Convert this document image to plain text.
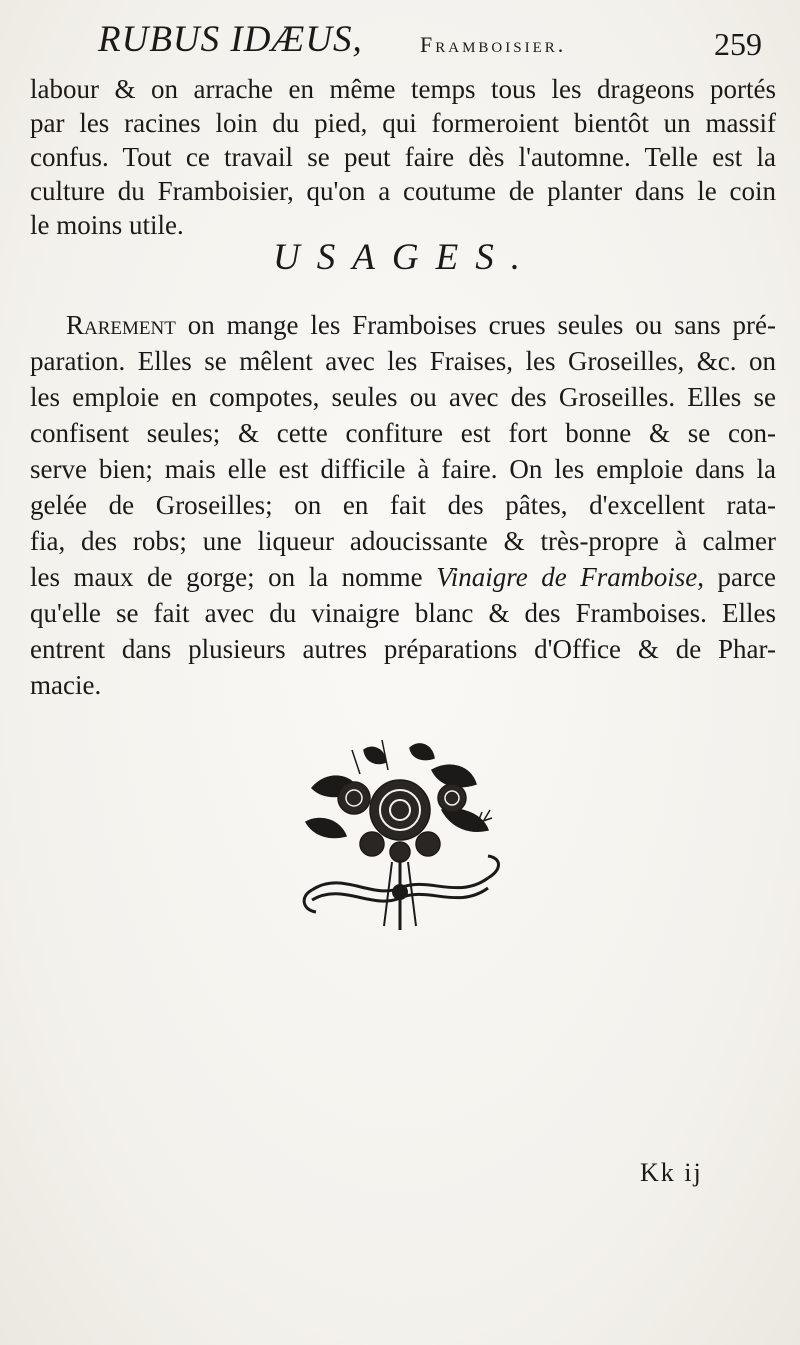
RUBUS IDÆUS,	Framboisier.	259
labour & on arrache en même temps tous les drageons portés
par les racines loin du pied, qui formeroient bientôt un massif
confus. Tout ce travail se peut faire dès l'automne. Telle est la
culture du Framboisier, qu'on a coutume de planter dans le coin
le moins utile.
USAGES.
Rarement on mange les Framboises crues seules ou sans pré-
paration. Elles se mêlent avec les Fraises, les Groseilles, &c. on
les emploie en compotes, seules ou avec des Groseilles. Elles se
confisent seules; & cette confiture est fort bonne & se con-
serve bien; mais elle est difficile à faire. On les emploie dans la
gelée de Groseilles; on en fait des pâtes, d'excellent rata-
fia, des robs; une liqueur adoucissante & très-propre à calmer
les maux de gorge; on la nomme Vinaigre de Framboise, parce
qu'elle se fait avec du vinaigre blanc & des Framboises. Elles
entrent dans plusieurs autres préparations d'Office & de Phar-
macie.
Kk ij
